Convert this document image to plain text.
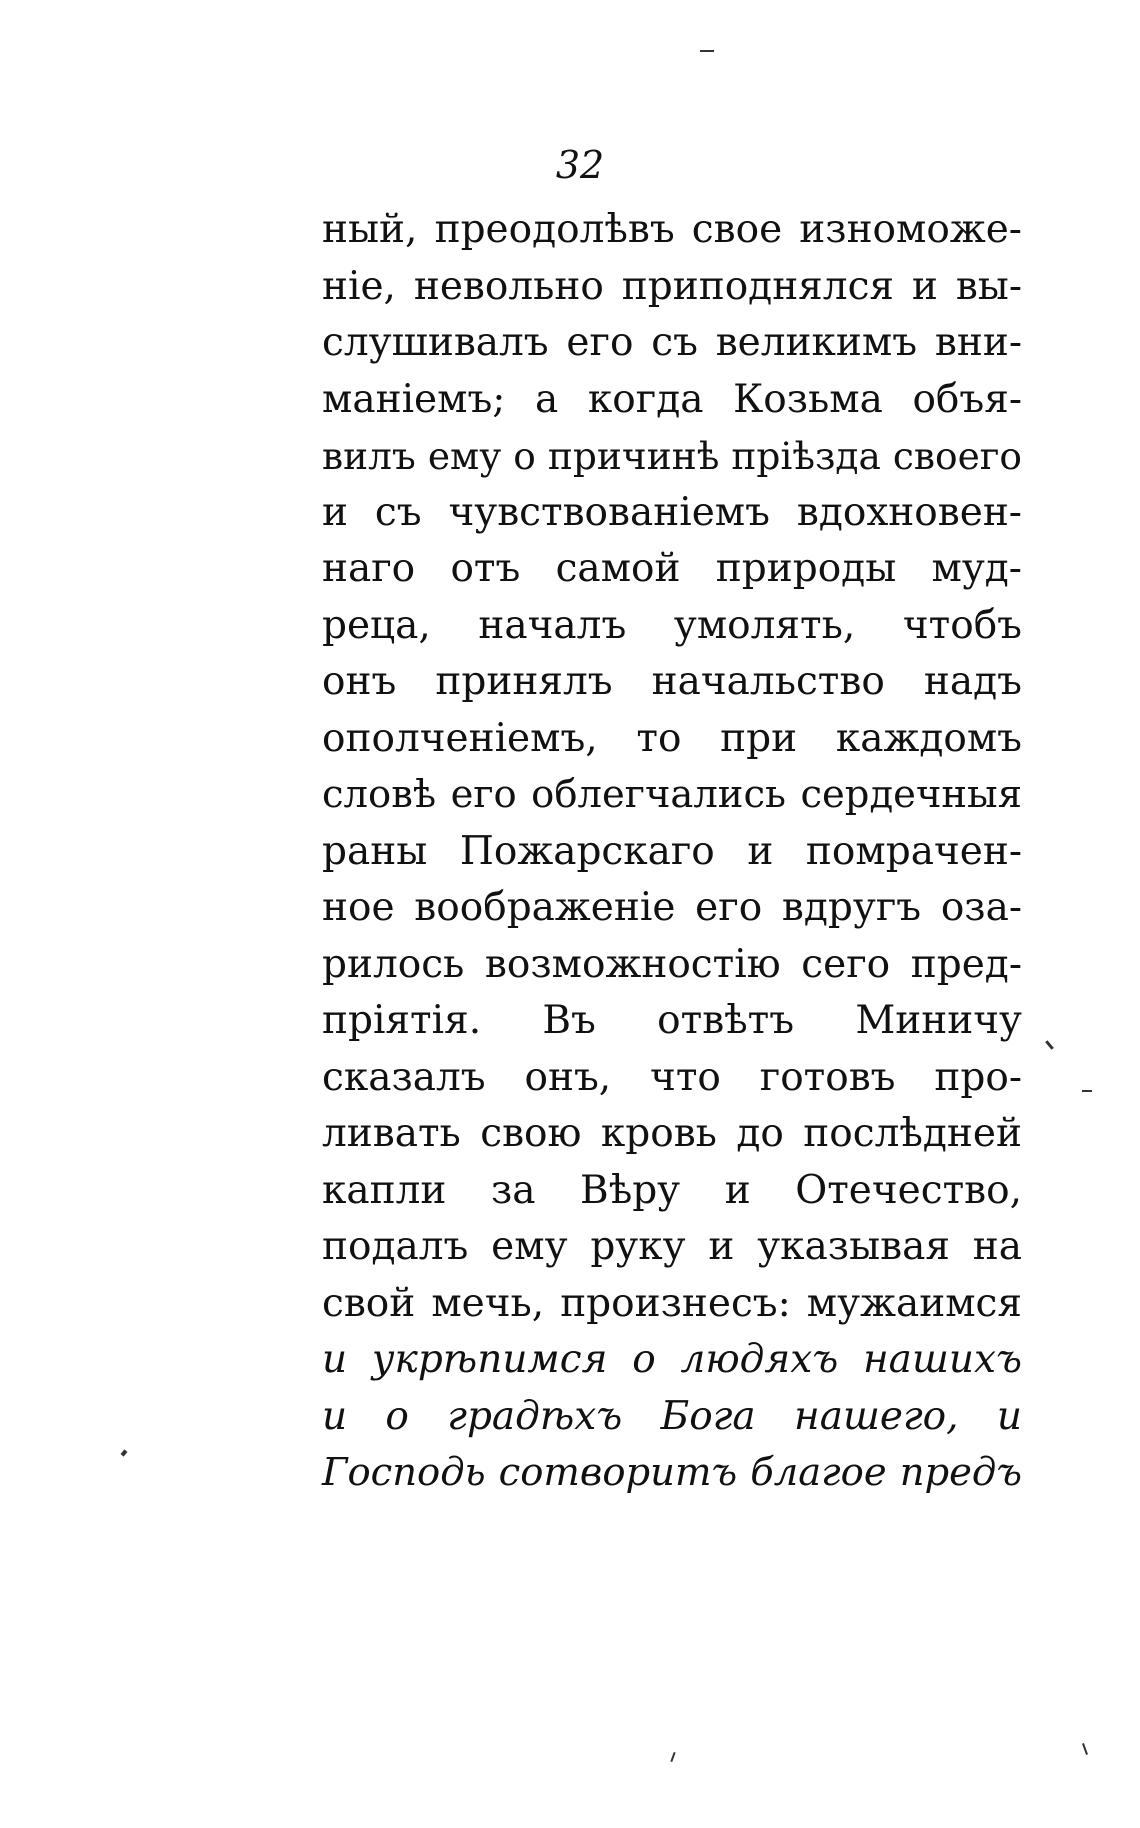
32
ный, преодолѣвъ свое изноможе-
ніе, невольно приподнялся и вы-
слушивалъ его съ великимъ вни-
маніемъ; а когда Козьма объя-
вилъ ему о причинѣ пріѣзда своего
и съ чувствованіемъ вдохновен-
наго отъ самой природы муд-
реца, началъ умолять, чтобъ
онъ принялъ начальство надъ
ополченіемъ, то при каждомъ
словѣ его облегчались сердечныя
раны Пожарскаго и помрачен-
ное воображеніе его вдругъ оза-
рилось возможностію сего пред-
пріятія. Въ отвѣтъ Миничу
сказалъ онъ, что готовъ про-
ливать свою кровь до послѣдней
капли за Вѣру и Отечество,
подалъ ему руку и указывая на
свой мечь, произнесъ: мужаимся
и укрѣпимся о людяхъ нашихъ
и о градѣхъ Бога нашего, и
Господь сотворитъ благое предъ
